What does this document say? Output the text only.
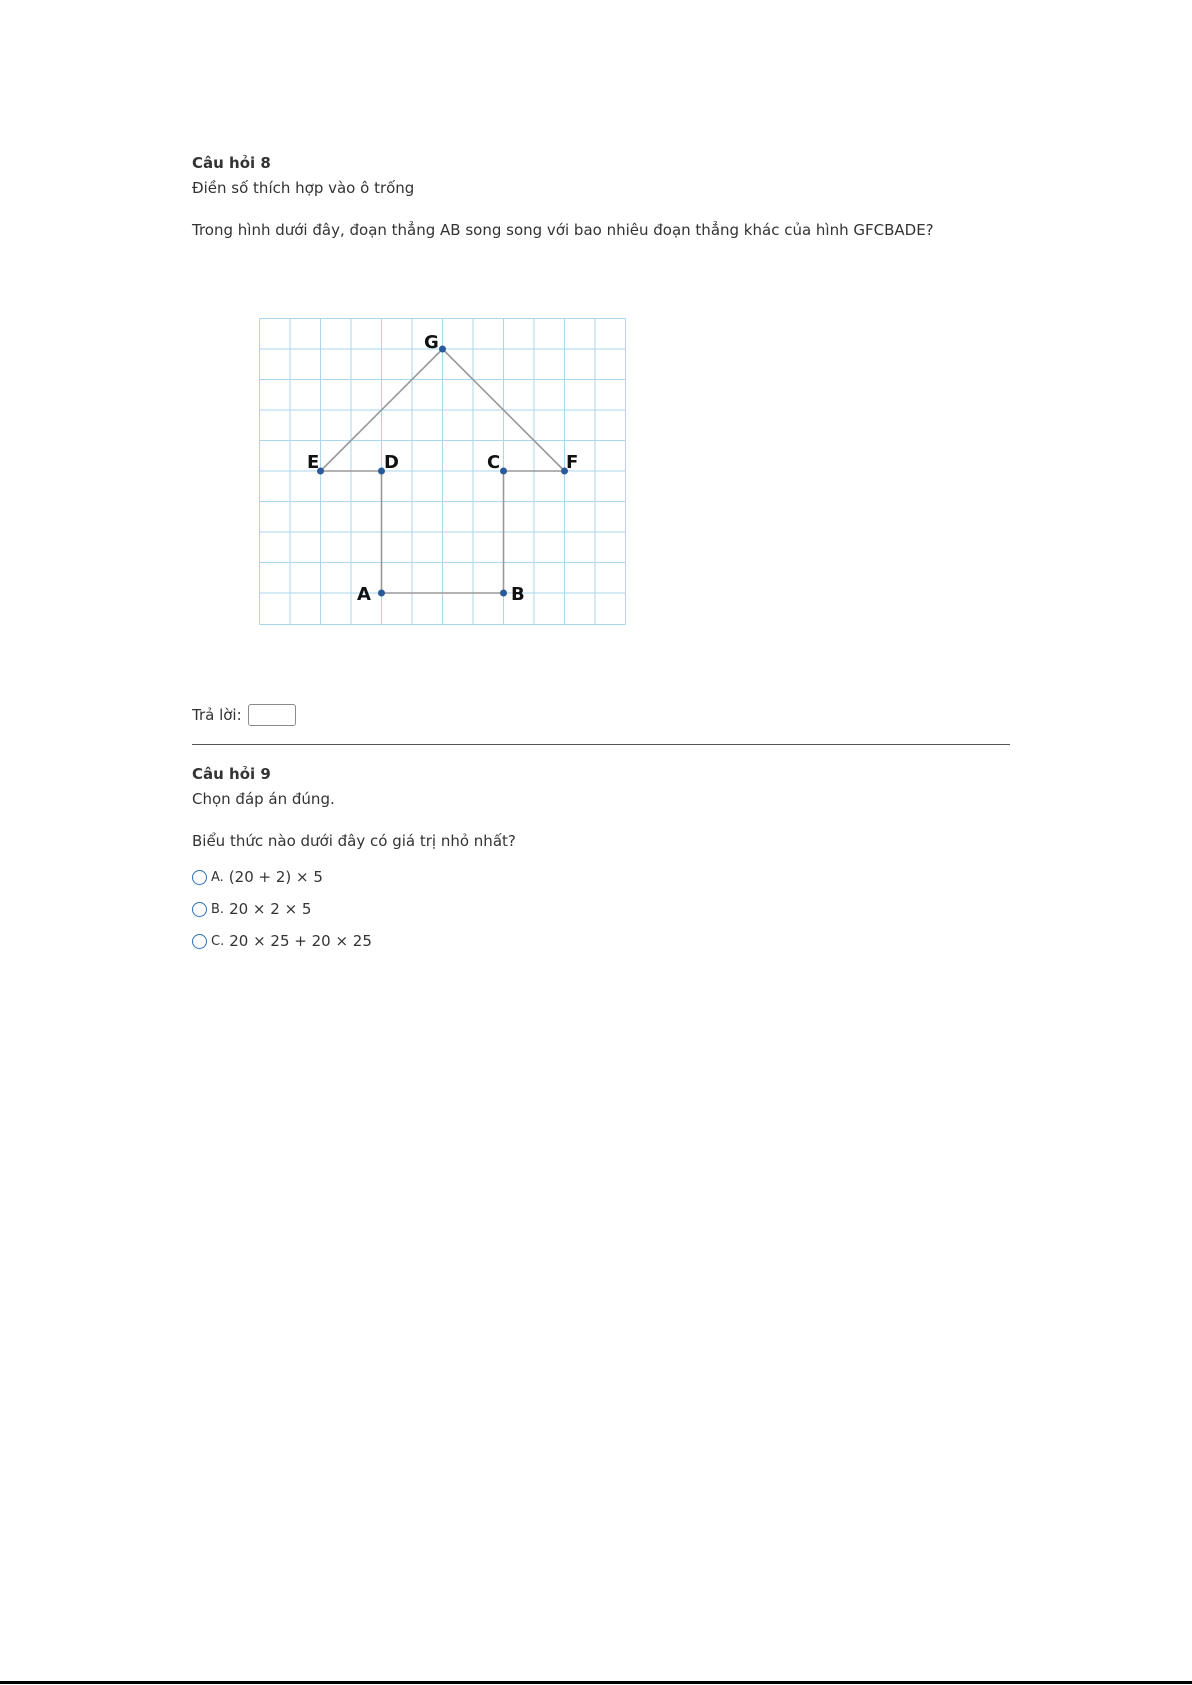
Câu hỏi 8
Điền số thích hợp vào ô trống
Trong hình dưới đây, đoạn thẳng AB song song với bao nhiêu đoạn thẳng khác của hình GFCBADE?
G
E	D	C	F
A	B
Trả lời:
Câu hỏi 9
Chọn đáp án đúng.
Biểu thức nào dưới đây có giá trị nhỏ nhất?
A. (20 + 2) × 5
B. 20 × 2 × 5
C. 20 × 25 + 20 × 25
